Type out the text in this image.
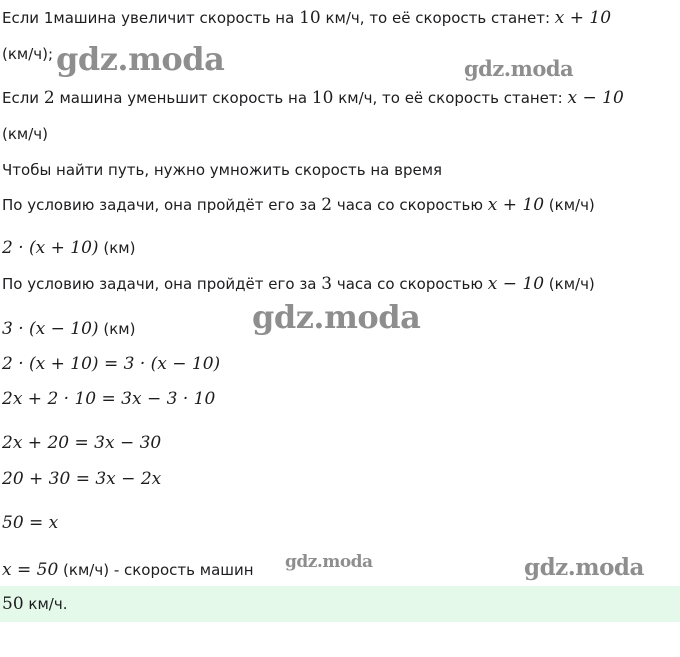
Если 1машина увеличит скорость на 10 км/ч, то её скорость станет: x + 10
(км/ч);
Если 2 машина уменьшит скорость на 10 км/ч, то её скорость станет: x − 10
(км/ч)
Чтобы найти путь, нужно умножить скорость на время
По условию задачи, она пройдёт его за 2 часа со скоростью x + 10 (км/ч)
2 · (x + 10) (км)
По условию задачи, она пройдёт его за 3 часа со скоростью x − 10 (км/ч)
3 · (x − 10) (км)
2 · (x + 10) = 3 · (x − 10)
2x + 2 · 10 = 3x − 3 · 10
2x + 20 = 3x − 30
20 + 30 = 3x − 2x
50 = x
x = 50 (км/ч) - скорость машин
50 км/ч.
gdz.moda	gdz.moda
gdz.moda
gdz.moda	gdz.moda
